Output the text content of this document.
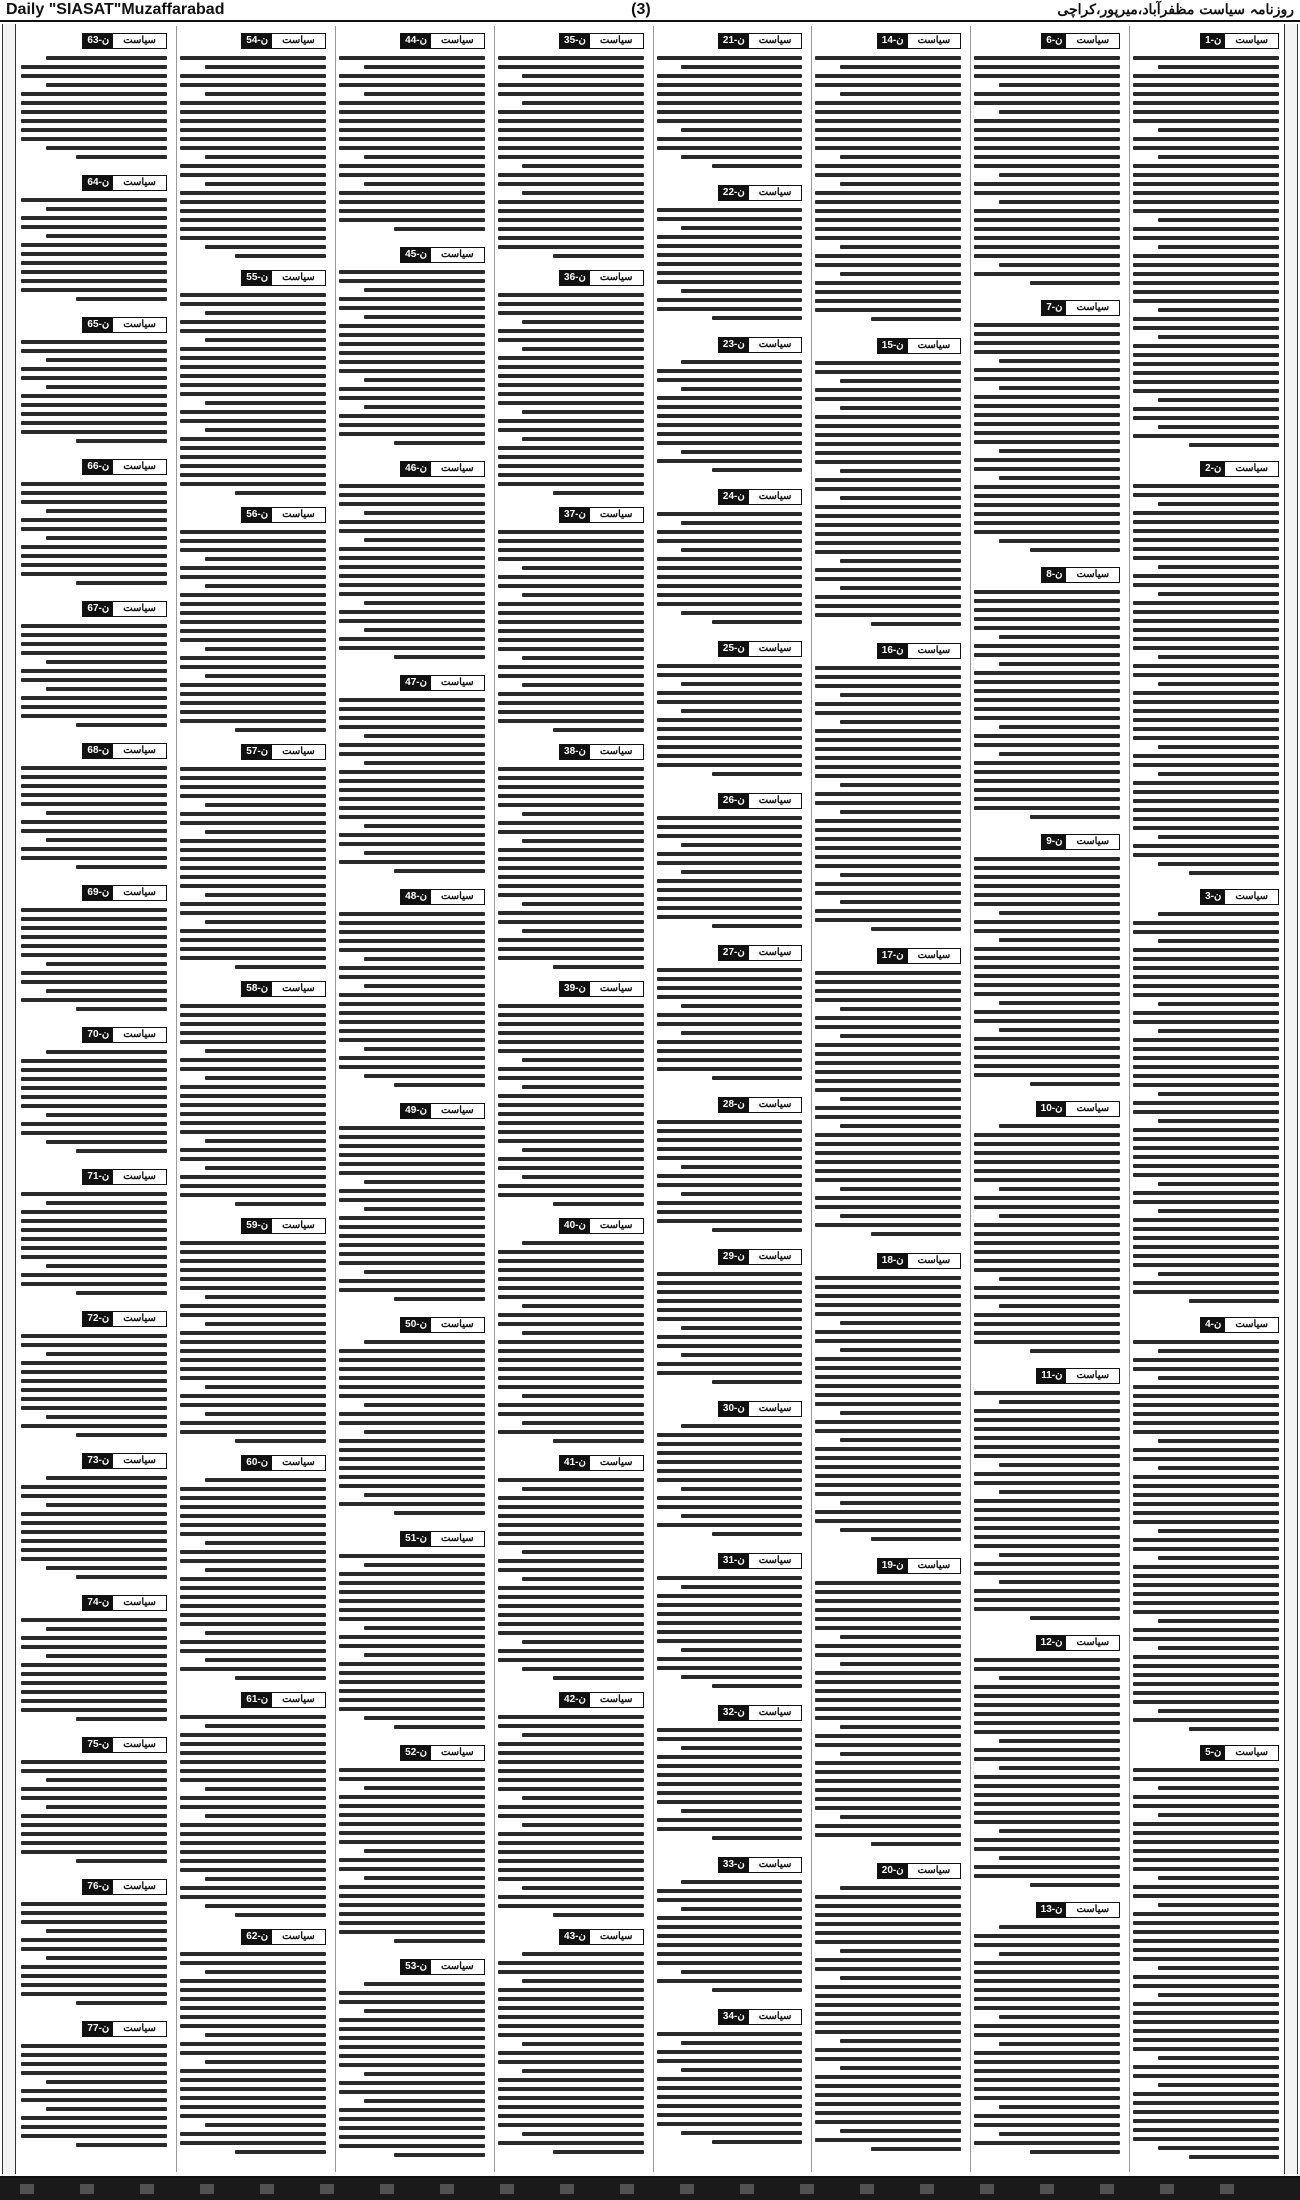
Daily "SIASAT"Muzaffarabad	(3)	روزنامہ سیاست مظفرآباد،میرپور،کراچی
سیاست
ن-1
سیاست
ن-2
سیاست
ن-3
سیاست
ن-4
سیاست
ن-5
سیاست
ن-6
سیاست
ن-7
سیاست
ن-8
سیاست
ن-9
سیاست
ن-10
سیاست
ن-11
سیاست
ن-12
سیاست
ن-13
سیاست
ن-14
سیاست
ن-15
سیاست
ن-16
سیاست
ن-17
سیاست
ن-18
سیاست
ن-19
سیاست
ن-20
سیاست
ن-21
سیاست
ن-22
سیاست
ن-23
سیاست
ن-24
سیاست
ن-25
سیاست
ن-26
سیاست
ن-27
سیاست
ن-28
سیاست
ن-29
سیاست
ن-30
سیاست
ن-31
سیاست
ن-32
سیاست
ن-33
سیاست
ن-34
سیاست
ن-35
سیاست
ن-36
سیاست
ن-37
سیاست
ن-38
سیاست
ن-39
سیاست
ن-40
سیاست
ن-41
سیاست
ن-42
سیاست
ن-43
سیاست
ن-44
سیاست
ن-45
سیاست
ن-46
سیاست
ن-47
سیاست
ن-48
سیاست
ن-49
سیاست
ن-50
سیاست
ن-51
سیاست
ن-52
سیاست
ن-53
سیاست
ن-54
سیاست
ن-55
سیاست
ن-56
سیاست
ن-57
سیاست
ن-58
سیاست
ن-59
سیاست
ن-60
سیاست
ن-61
سیاست
ن-62
سیاست
ن-63
سیاست
ن-64
سیاست
ن-65
سیاست
ن-66
سیاست
ن-67
سیاست
ن-68
سیاست
ن-69
سیاست
ن-70
سیاست
ن-71
سیاست
ن-72
سیاست
ن-73
سیاست
ن-74
سیاست
ن-75
سیاست
ن-76
سیاست
ن-77
